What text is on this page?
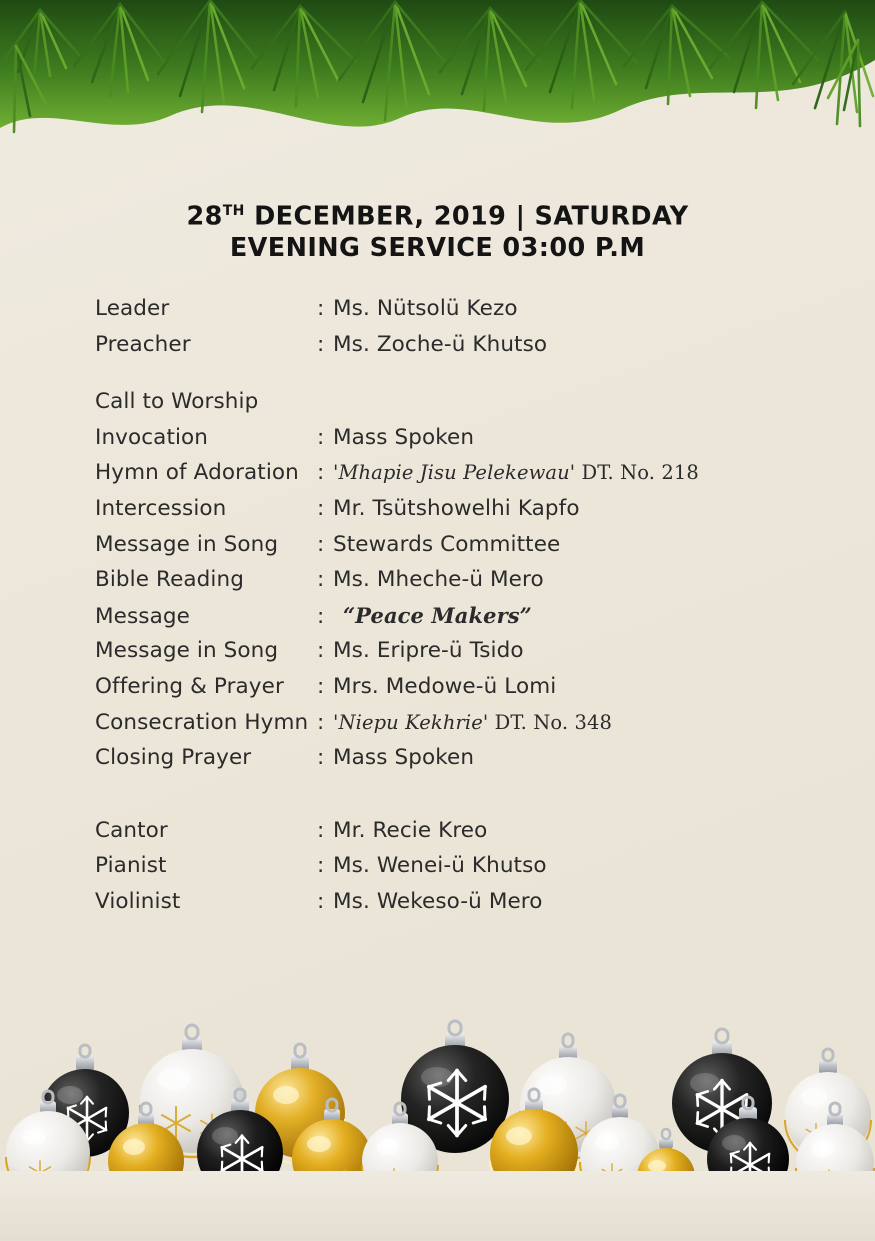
28TH DECEMBER, 2019 | SATURDAY
EVENING SERVICE 03:00 P.M
Leader	: Ms. Nütsolü Kezo
Preacher	: Ms. Zoche-ü Khutso
Call to Worship
Invocation	: Mass Spoken
Hymn of Adoration : 'Mhapie Jisu Pelekewau' DT. No. 218
Intercession	: Mr. Tsütshowelhi Kapfo
Message in Song	: Stewards Committee
Bible Reading	: Ms. Mheche-ü Mero
Message	: “Peace Makers”
Message in Song	: Ms. Eripre-ü Tsido
Offering & Prayer	: Mrs. Medowe-ü Lomi
Consecration Hymn : 'Niepu Kekhrie' DT. No. 348
Closing Prayer	: Mass Spoken
Cantor	: Mr. Recie Kreo
Pianist	: Ms. Wenei-ü Khutso
Violinist	: Ms. Wekeso-ü Mero
